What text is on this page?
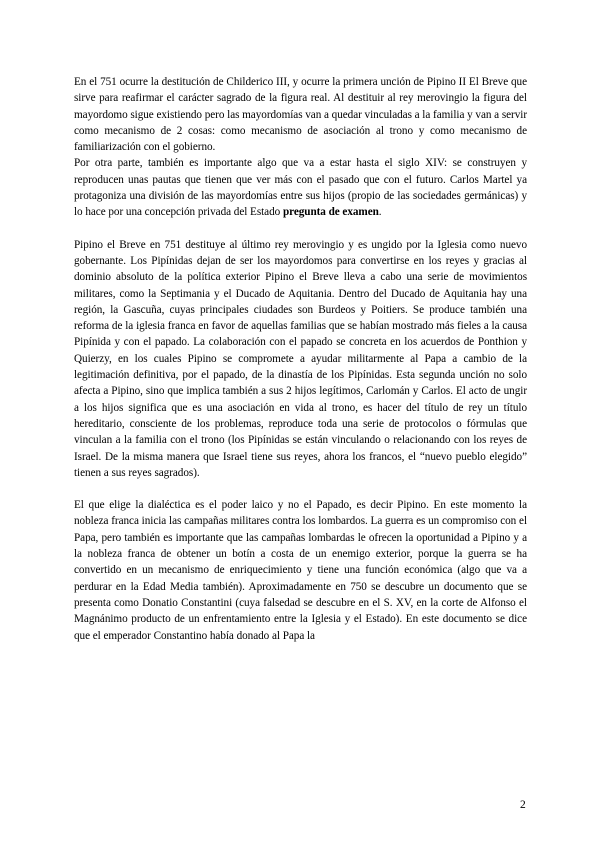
En el 751 ocurre la destitución de Childerico III, y ocurre la primera unción de Pipino II El Breve que sirve para reafirmar el carácter sagrado de la figura real. Al destituir al rey merovingio la figura del mayordomo sigue existiendo pero las mayordomías van a quedar vinculadas a la familia y van a servir como mecanismo de 2 cosas: como mecanismo de asociación al trono y como mecanismo de familiarización con el gobierno.

Por otra parte, también es importante algo que va a estar hasta el siglo XIV: se construyen y reproducen unas pautas que tienen que ver más con el pasado que con el futuro. Carlos Martel ya protagoniza una división de las mayordomías entre sus hijos (propio de las sociedades germánicas) y lo hace por una concepción privada del Estado pregunta de examen.

Pipino el Breve en 751 destituye al último rey merovingio y es ungido por la Iglesia como nuevo gobernante. Los Pipínidas dejan de ser los mayordomos para convertirse en los reyes y gracias al dominio absoluto de la política exterior Pipino el Breve lleva a cabo una serie de movimientos militares, como la Septimania y el Ducado de Aquitania. Dentro del Ducado de Aquitania hay una región, la Gascuña, cuyas principales ciudades son Burdeos y Poitiers. Se produce también una reforma de la iglesia franca en favor de aquellas familias que se habían mostrado más fieles a la causa Pipínida y con el papado. La colaboración con el papado se concreta en los acuerdos de Ponthion y Quierzy, en los cuales Pipino se compromete a ayudar militarmente al Papa a cambio de la legitimación definitiva, por el papado, de la dinastía de los Pipínidas. Esta segunda unción no solo afecta a Pipino, sino que implica también a sus 2 hijos legítimos, Carlomán y Carlos. El acto de ungir a los hijos significa que es una asociación en vida al trono, es hacer del título de rey un título hereditario, consciente de los problemas, reproduce toda una serie de protocolos o fórmulas que vinculan a la familia con el trono (los Pipínidas se están vinculando o relacionando con los reyes de Israel. De la misma manera que Israel tiene sus reyes, ahora los francos, el “nuevo pueblo elegido” tienen a sus reyes sagrados).

El que elige la dialéctica es el poder laico y no el Papado, es decir Pipino. En este momento la nobleza franca inicia las campañas militares contra los lombardos. La guerra es un compromiso con el Papa, pero también es importante que las campañas lombardas le ofrecen la oportunidad a Pipino y a la nobleza franca de obtener un botín a costa de un enemigo exterior, porque la guerra se ha convertido en un mecanismo de enriquecimiento y tiene una función económica (algo que va a perdurar en la Edad Media también). Aproximadamente en 750 se descubre un documento que se presenta como Donatio Constantini (cuya falsedad se descubre en el S. XV, en la corte de Alfonso el Magnánimo producto de un enfrentamiento entre la Iglesia y el Estado). En este documento se dice que el emperador Constantino había donado al Papa la

2
